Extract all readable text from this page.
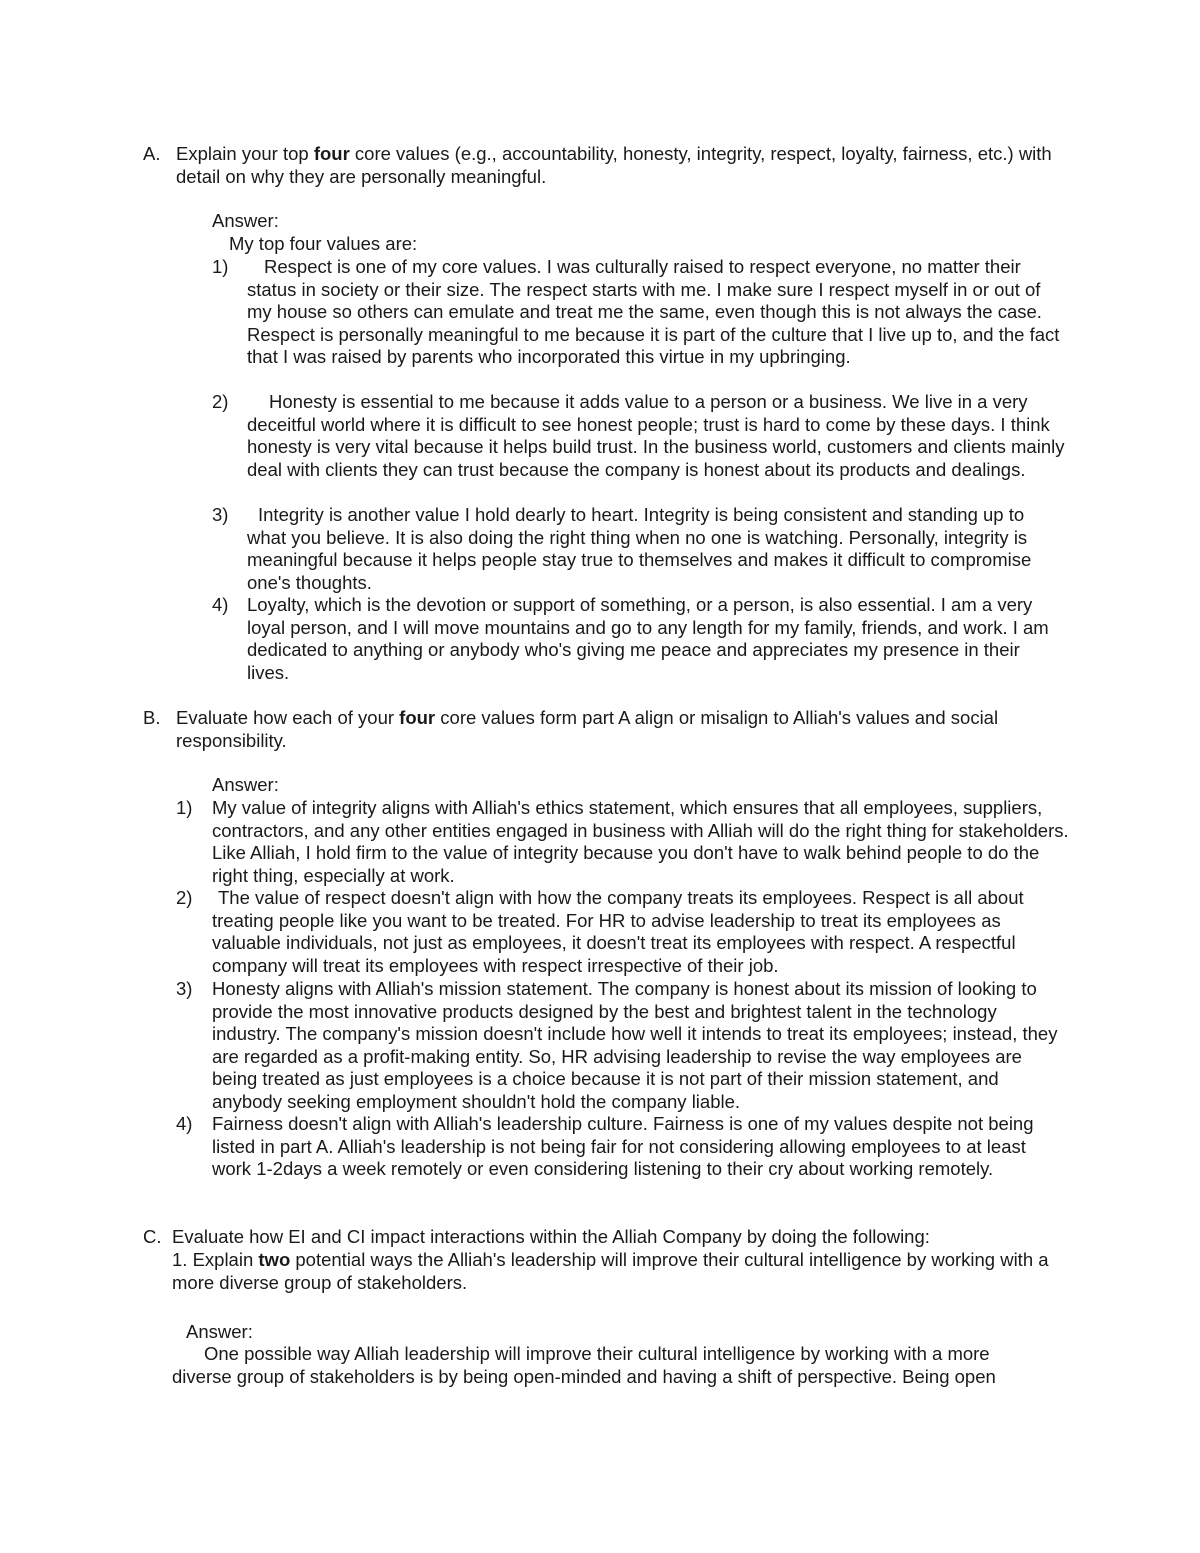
A. Explain your top four core values (e.g., accountability, honesty, integrity, respect, loyalty, fairness, etc.) with detail on why they are personally meaningful.
Answer:
My top four values are:
1)	Respect is one of my core values. I was culturally raised to respect everyone, no matter their status in society or their size. The respect starts with me. I make sure I respect myself in or out of my house so others can emulate and treat me the same, even though this is not always the case. Respect is personally meaningful to me because it is part of the culture that I live up to, and the fact that I was raised by parents who incorporated this virtue in my upbringing.
2)	Honesty is essential to me because it adds value to a person or a business. We live in a very deceitful world where it is difficult to see honest people; trust is hard to come by these days. I think honesty is very vital because it helps build trust. In the business world, customers and clients mainly deal with clients they can trust because the company is honest about its products and dealings.
3)	Integrity is another value I hold dearly to heart. Integrity is being consistent and standing up to what you believe. It is also doing the right thing when no one is watching. Personally, integrity is meaningful because it helps people stay true to themselves and makes it difficult to compromise one's thoughts.
4)	Loyalty, which is the devotion or support of something, or a person, is also essential. I am a very loyal person, and I will move mountains and go to any length for my family, friends, and work. I am dedicated to anything or anybody who's giving me peace and appreciates my presence in their lives.
B. Evaluate how each of your four core values form part A align or misalign to Alliah's values and social responsibility.
Answer:
1)	My value of integrity aligns with Alliah's ethics statement, which ensures that all employees, suppliers, contractors, and any other entities engaged in business with Alliah will do the right thing for stakeholders. Like Alliah, I hold firm to the value of integrity because you don't have to walk behind people to do the right thing, especially at work.
2)	The value of respect doesn't align with how the company treats its employees. Respect is all about treating people like you want to be treated. For HR to advise leadership to treat its employees as valuable individuals, not just as employees, it doesn't treat its employees with respect. A respectful company will treat its employees with respect irrespective of their job.
3)	Honesty aligns with Alliah's mission statement. The company is honest about its mission of looking to provide the most innovative products designed by the best and brightest talent in the technology industry. The company's mission doesn't include how well it intends to treat its employees; instead, they are regarded as a profit-making entity. So, HR advising leadership to revise the way employees are being treated as just employees is a choice because it is not part of their mission statement, and anybody seeking employment shouldn't hold the company liable.
4)	Fairness doesn't align with Alliah's leadership culture. Fairness is one of my values despite not being listed in part A. Alliah's leadership is not being fair for not considering allowing employees to at least work 1-2days a week remotely or even considering listening to their cry about working remotely.
C. Evaluate how EI and CI impact interactions within the Alliah Company by doing the following:
1. Explain two potential ways the Alliah's leadership will improve their cultural intelligence by working with a more diverse group of stakeholders.
Answer:
One possible way Alliah leadership will improve their cultural intelligence by working with a more diverse group of stakeholders is by being open-minded and having a shift of perspective. Being open
